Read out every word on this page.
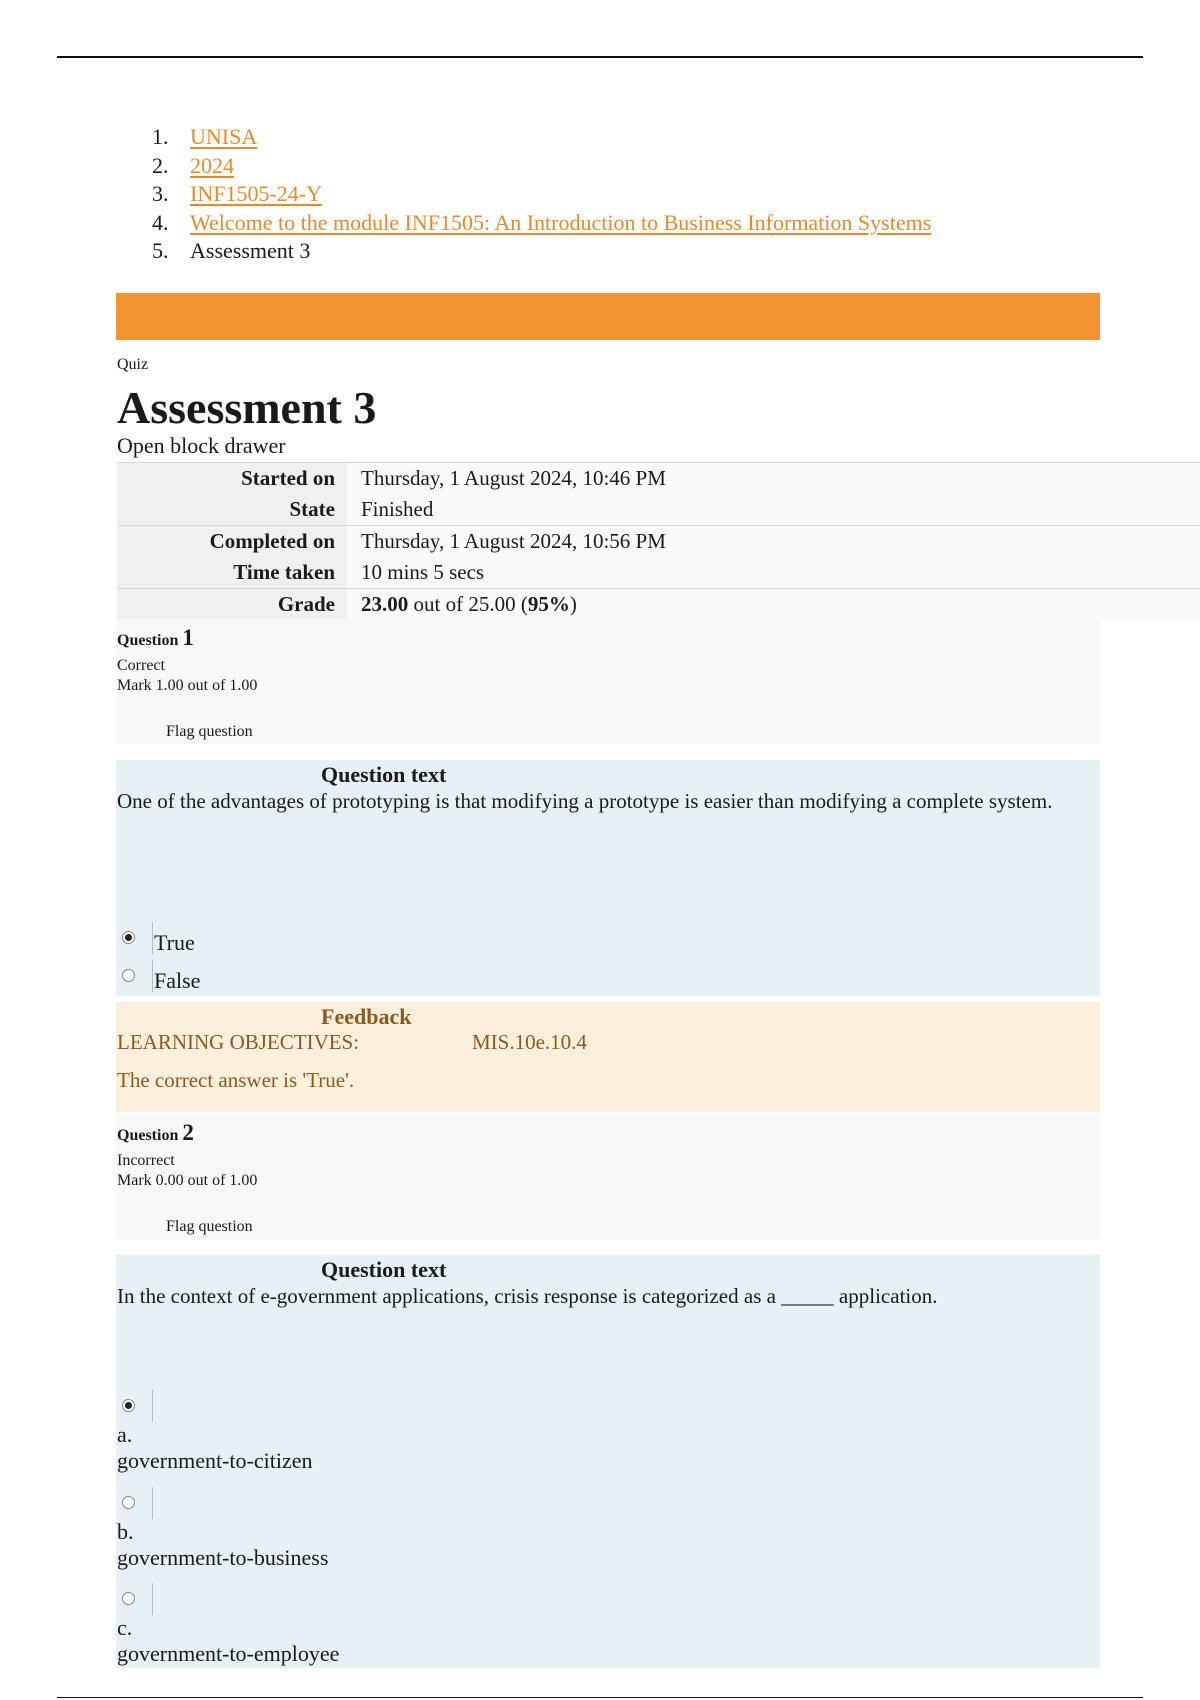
1. UNISA
2. 2024
3. INF1505-24-Y
4. Welcome to the module INF1505: An Introduction to Business Information Systems
5. Assessment 3
Quiz
Assessment 3
Open block drawer
Started on	Thursday, 1 August 2024, 10:46 PM
State	Finished
Completed on	Thursday, 1 August 2024, 10:56 PM
Time taken	10 mins 5 secs
Grade	23.00 out of 25.00 ( 95% )
Question 1
Correct
Mark 1.00 out of 1.00
Flag question
Question text
One of the advantages of prototyping is that modifying a prototype is easier than modifying a complete system.
True
False
Feedback
LEARNING OBJECTIVES:	MIS.10e.10.4
The correct answer is 'True'.
Question 2
Incorrect
Mark 0.00 out of 1.00
Flag question
Question text
In the context of e-government applications, crisis response is categorized as a _____ application.
a.
government-to-citizen
b.
government-to-business
c.
government-to-employee
